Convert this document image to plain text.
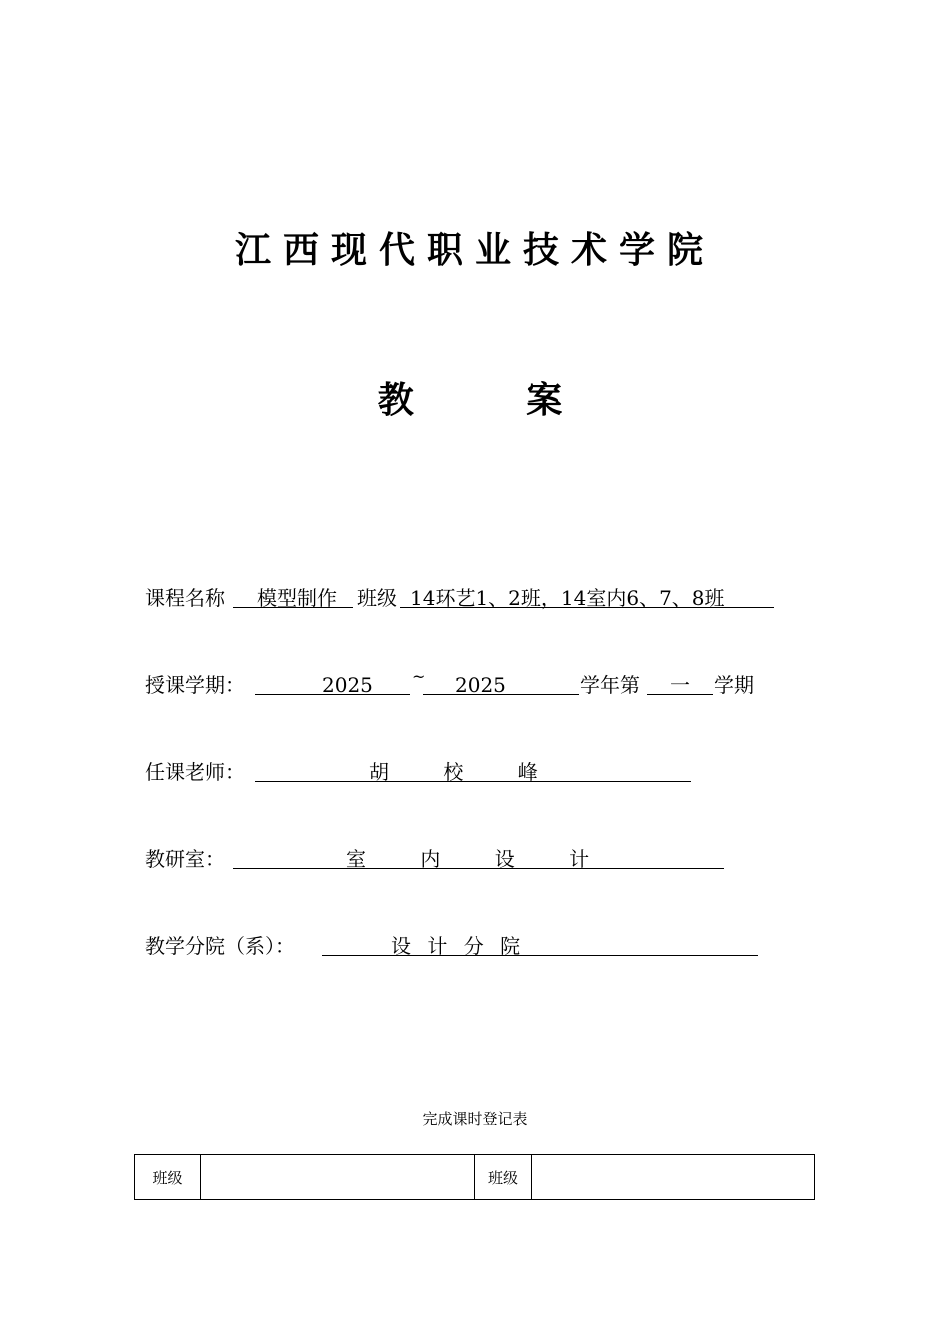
江西现代职业技术学院
教 案
课程名称 模型制作 班级 14环艺1、2班，14室内6、7、8班
授课学期：	2025 ~ 2025	学年第 一 学期
任课老师：	胡 校 峰
教研室：	室 内 设 计
教学分院（系）：	设 计 分 院
完成课时登记表
班级		班级	
